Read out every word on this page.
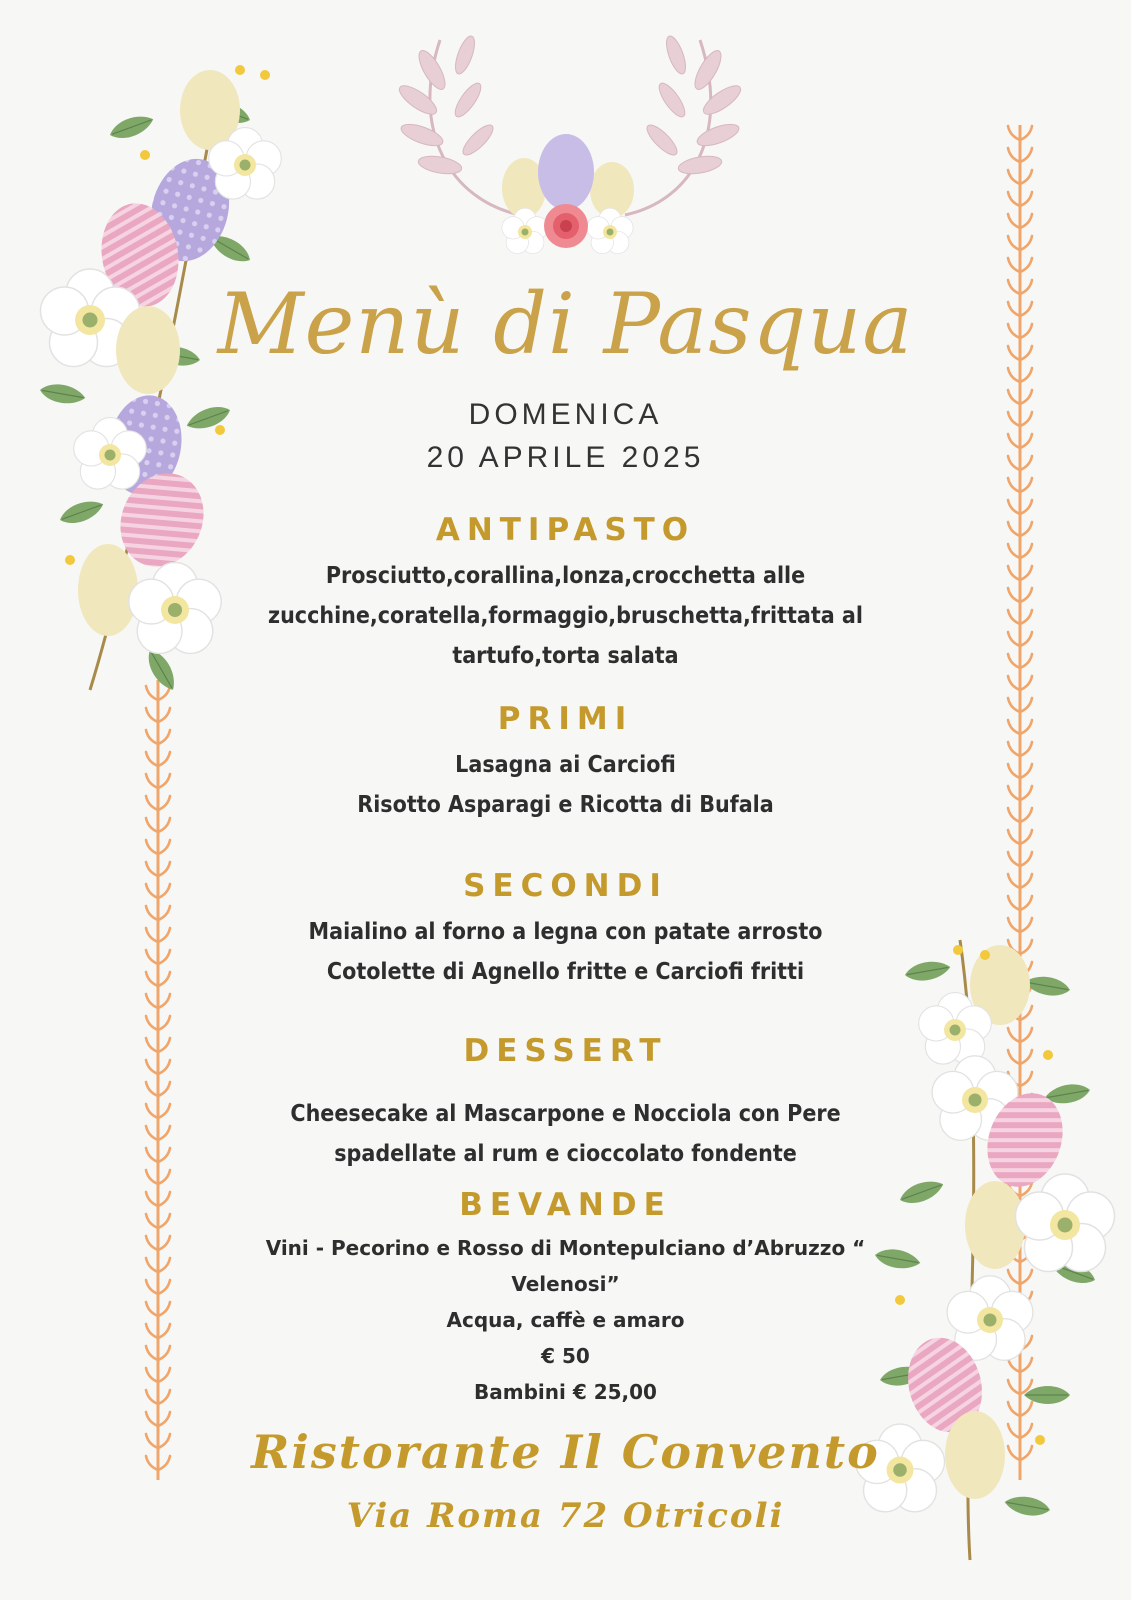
Menù di Pasqua
DOMENICA
20 APRILE 2025
ANTIPASTO
Prosciutto,corallina,lonza,crocchetta alle
zucchine,coratella,formaggio,bruschetta,frittata al
tartufo,torta salata
PRIMI
Lasagna ai Carciofi
Risotto Asparagi e Ricotta di Bufala
SECONDI
Maialino al forno a legna con patate arrosto
Cotolette di Agnello fritte e Carciofi fritti
DESSERT
Cheesecake al Mascarpone e Nocciola con Pere
spadellate al rum e cioccolato fondente
BEVANDE
Vini - Pecorino e Rosso di Montepulciano d’Abruzzo “
Velenosi”
Acqua, caffè e amaro
€ 50
Bambini € 25,00
Ristorante Il Convento
Via Roma 72 Otricoli
